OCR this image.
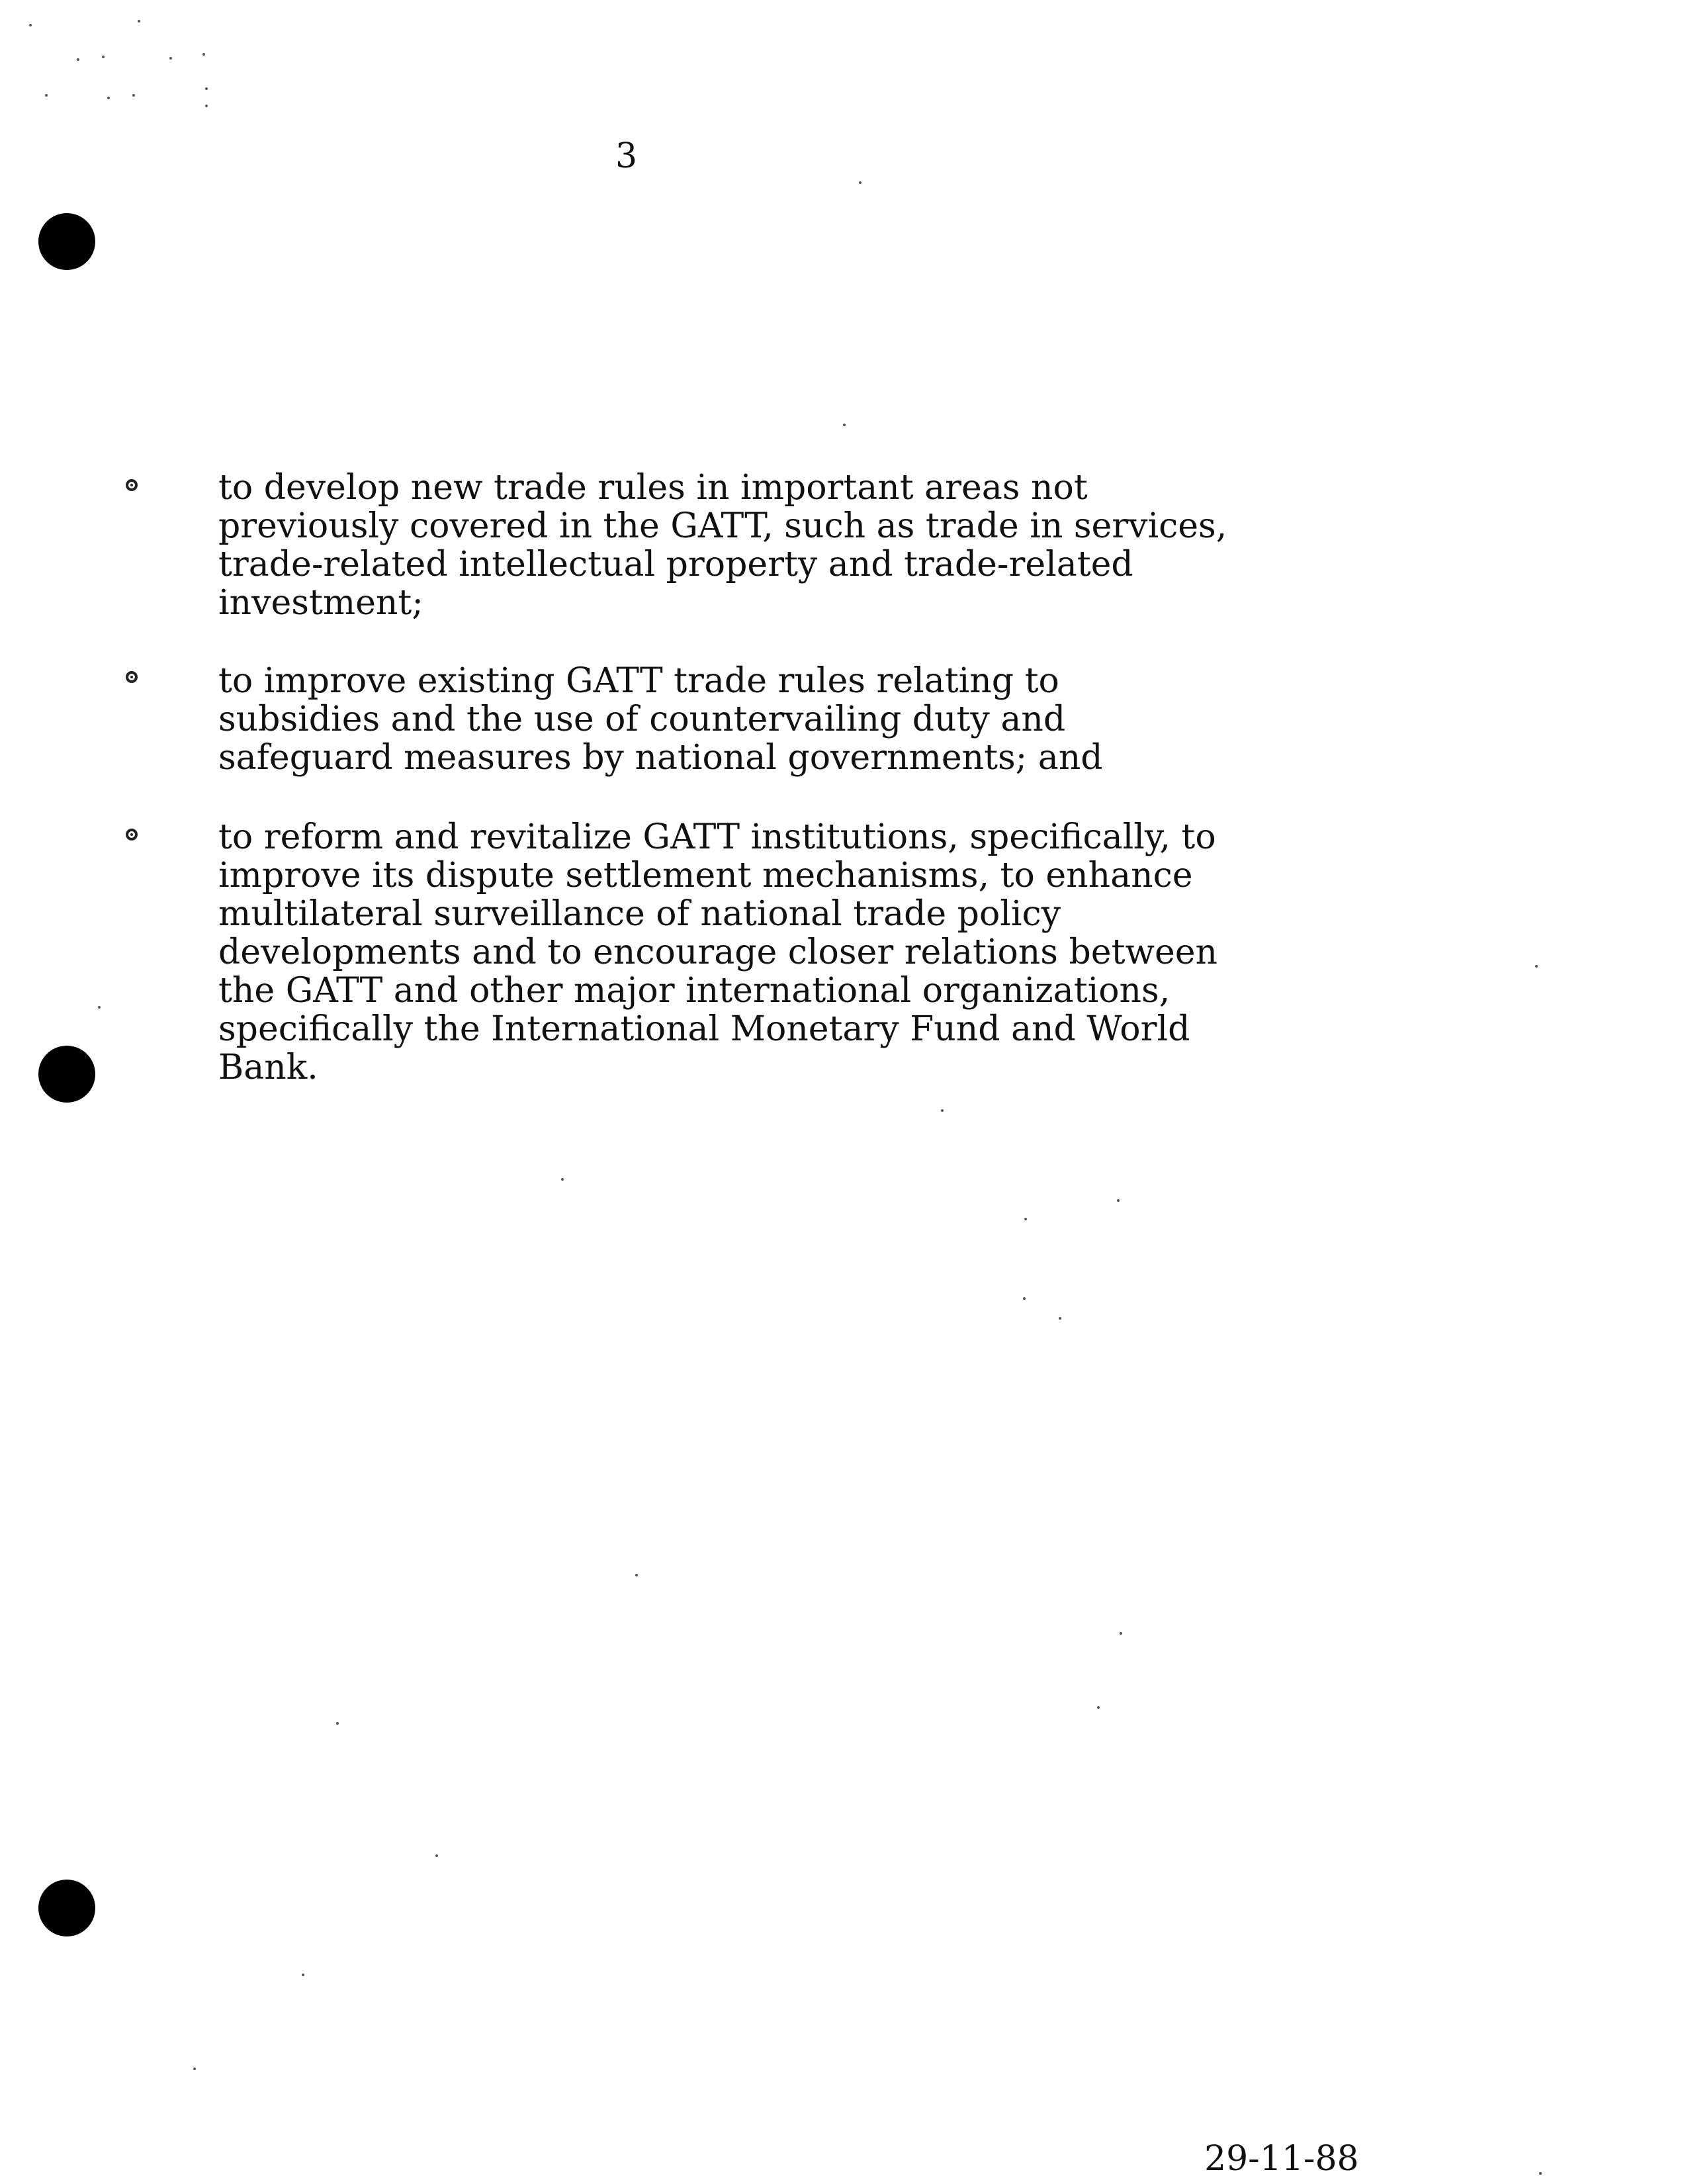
3
to develop new trade rules in important areas not
previously covered in the GATT, such as trade in services,
trade-related intellectual property and trade-related
investment;
to improve existing GATT trade rules relating to
subsidies and the use of countervailing duty and
safeguard measures by national governments; and
to reform and revitalize GATT institutions, specifically, to
improve its dispute settlement mechanisms, to enhance
multilateral surveillance of national trade policy
developments and to encourage closer relations between
the GATT and other major international organizations,
specifically the International Monetary Fund and World
Bank.
29-11-88
